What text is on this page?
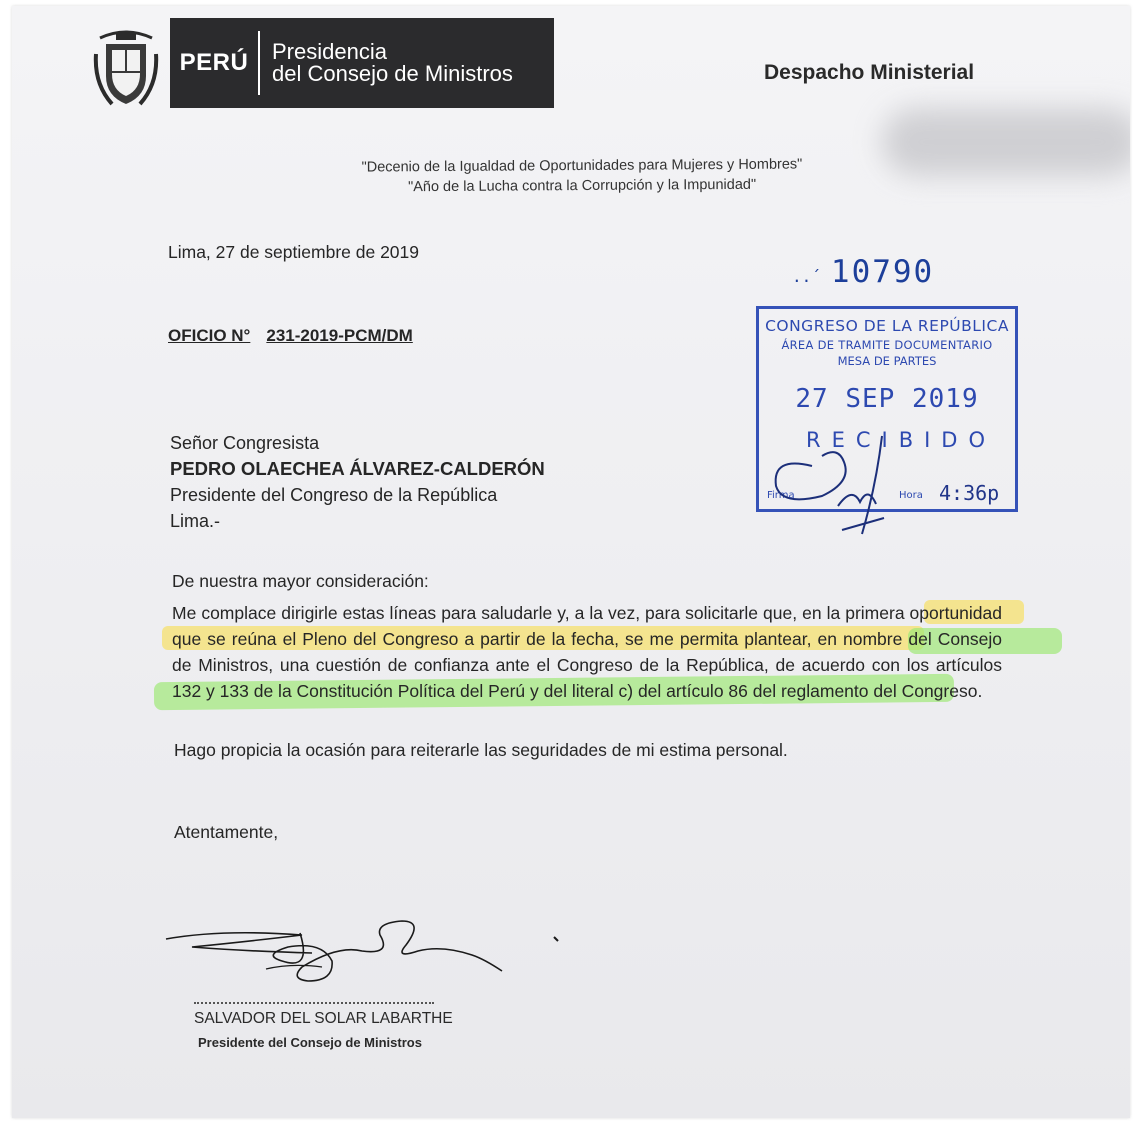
PERÚ	Presidencia
del Consejo de Ministros	Despacho Ministerial
"Decenio de la Igualdad de Oportunidades para Mujeres y Hombres"
"Año de la Lucha contra la Corrupción y la Impunidad"
Lima, 27 de septiembre de 2019
OFICIO N° 231-2019-PCM/DM
Señor Congresista
PEDRO OLAECHEA ÁLVAREZ-CALDERÓN
Presidente del Congreso de la República
Lima.-
De nuestra mayor consideración:
Me complace dirigirle estas líneas para saludarle y, a la vez, para solicitarle que, en la primera oportunidad que se reúna el Pleno del Congreso a partir de la fecha, se me permita plantear, en nombre del Consejo de Ministros, una cuestión de confianza ante el Congreso de la República, de acuerdo con los artículos 132 y 133 de la Constitución Política del Perú y del literal c) del artículo 86 del reglamento del Congreso.
Hago propicia la ocasión para reiterarle las seguridades de mi estima personal.
Atentamente,
SALVADOR DEL SOLAR LABARTHE
Presidente del Consejo de Ministros
..´ 10790
CONGRESO DE LA REPÚBLICA
ÁREA DE TRAMITE DOCUMENTARIO
MESA DE PARTES
27 SEP 2019
RECIBIDO
Firma	Hora 4:36p
